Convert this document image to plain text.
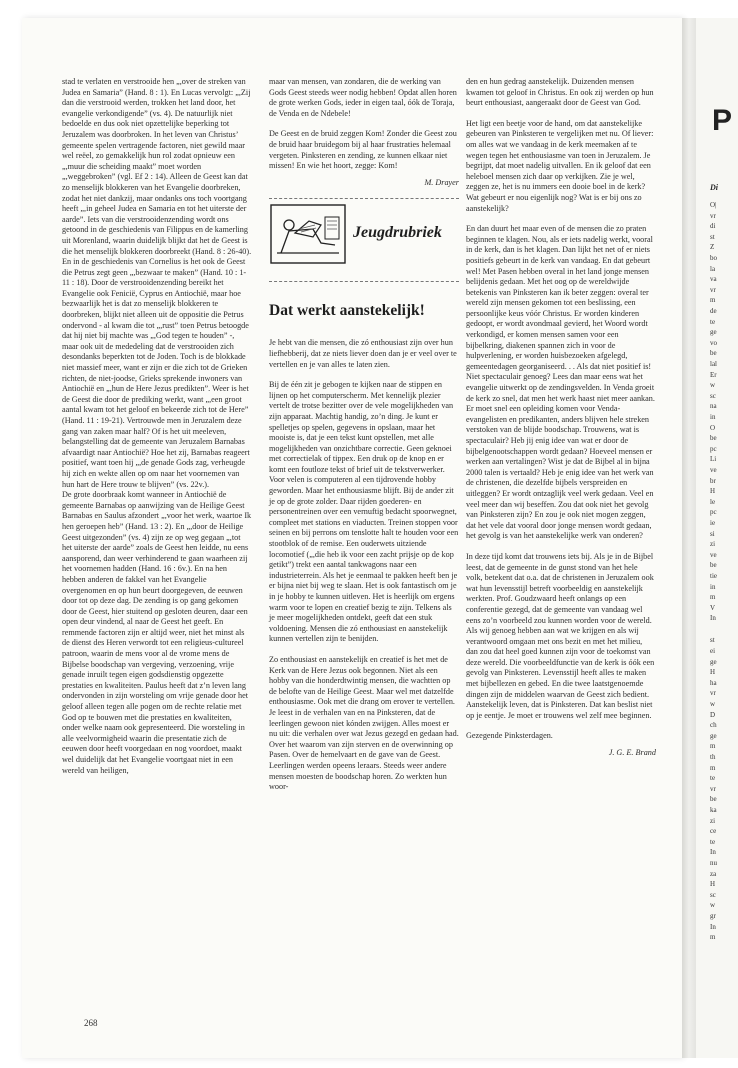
268
P
Di
O|
vr
di
st
Z
bo
la
va
vr
m
de
te
ge
vo
be
lal
Er
w
sc
na
in
O
be
pc
Li
ve
br
H
le
pc
ie
si
zi
ve
be
tie
in
m
V
In
st
ei
ge
H
ha
vr
w
D
ch
ge
m
th
m
te
vr
be
ka
zi
ce
te
In
nu
za
H
sc
w
gr
In
m

stad te verlaten en verstrooide hen „,over de streken van Judea en Samaria” (Hand. 8 : 1). En Lucas vervolgt: „,Zij dan die verstrooid werden, trokken het land door, het evangelie verkondigende” (vs. 4). De natuurlijk niet bedoelde en dus ook niet opzettelijke beperking tot Jeruzalem was doorbroken. In het leven van Christus’ gemeente spelen vertragende factoren, niet gewild maar wel reëel, zo gemakkelijk hun rol zodat opnieuw een „,muur die scheiding maakt” moet worden „,weggebroken” (vgl. Ef 2 : 14). Alleen de Geest kan dat zo menselijk blokkeren van het Evangelie doorbreken, zodat het niet dankzij, maar ondanks ons toch voortgang heeft „,in geheel Judea en Samaria en tot het uiterste der aarde”. Iets van die verstrooidenzending wordt ons getoond in de geschiedenis van Filippus en de kamerling uit Morenland, waarin duidelijk blijkt dat het de Geest is die het menselijk blokkeren doorbreekt (Hand. 8 : 26-40). En in de geschiedenis van Cornelius is het ook de Geest die Petrus zegt geen „,bezwaar te maken” (Hand. 10 : 1-11 : 18). Door de verstrooidenzending bereikt het Evangelie ook Fenicië, Cyprus en Antiochië, maar hoe bezwaarlijk het is dat zo menselijk blokkeren te doorbreken, blijkt niet alleen uit de oppositie die Petrus ondervond - al kwam die tot „,rust” toen Petrus betoogde dat hij niet bij machte was „,God tegen te houden” -, maar ook uit de mededeling dat de verstrooiden zich desondanks beperkten tot de Joden. Toch is de blokkade niet massief meer, want er zijn er die zich tot de Grieken richten, de niet-joodse, Grieks sprekende inwoners van Antiochië en „,hun de Here Jezus predikten”. Weer is het de Geest die door de prediking werkt, want „,een groot aantal kwam tot het geloof en bekeerde zich tot de Here” (Hand. 11 : 19-21). Vertrouwde men in Jeruzalem deze gang van zaken maar half? Of is het uit meeleven, belangstelling dat de gemeente van Jeruzalem Barnabas afvaardigt naar Antiochië? Hoe het zij, Barnabas reageert positief, want toen hij „,de genade Gods zag, verheugde hij zich en wekte allen op om naar het voornemen van hun hart de Here trouw te blijven” (vs. 22v.).

De grote doorbraak komt wanneer in Antiochië de gemeente Barnabas op aanwijzing van de Heilige Geest Barnabas en Saulus afzondert „,voor het werk, waartoe Ik hen geroepen heb” (Hand. 13 : 2). En „,door de Heilige Geest uitgezonden” (vs. 4) zijn ze op weg gegaan „,tot het uiterste der aarde” zoals de Geest hen leidde, nu eens aansporend, dan weer verhinderend te gaan waarheen zij het voornemen hadden (Hand. 16 : 6v.). En na hen hebben anderen de fakkel van het Evangelie overgenomen en op hun beurt doorgegeven, de eeuwen door tot op deze dag. De zending is op gang gekomen door de Geest, hier stuitend op gesloten deuren, daar een open deur vindend, al naar de Geest het geeft. En remmende factoren zijn er altijd weer, niet het minst als de dienst des Heren verwordt tot een religieus-cultureel patroon, waarin de mens voor al de vrome mens de Bijbelse boodschap van vergeving, verzoening, vrije genade inruilt tegen eigen godsdienstig opgezette prestaties en kwaliteiten. Paulus heeft dat z’n leven lang ondervonden in zijn worsteling om vrije genade door het geloof alleen tegen alle pogen om de rechte relatie met God op te bouwen met die prestaties en kwaliteiten, onder welke naam ook gepresenteerd. Die worsteling in alle veelvormigheid waarin die presentatie zich de eeuwen door heeft voorgedaan en nog voordoet, maakt wel duidelijk dat het Evangelie voortgaat niet in een wereld van heiligen,

maar van mensen, van zondaren, die de werking van Gods Geest steeds weer nodig hebben! Opdat allen horen de grote werken Gods, ieder in eigen taal, óók de Toraja, de Venda en de Ndebele!

De Geest en de bruid zeggen Kom! Zonder die Geest zou de bruid haar bruidegom bij al haar frustraties helemaal vergeten. Pinksteren en zending, ze kunnen elkaar niet missen! En wie het hoort, zegge: Kom!

M. Drayer
Jeugdrubriek
Dat werkt aanstekelijk!

Je hebt van die mensen, die zó enthousiast zijn over hun liefhebberij, dat ze niets liever doen dan je er veel over te vertellen en je van alles te laten zien.

Bij de één zit je gebogen te kijken naar de stippen en lijnen op het computerscherm. Met kennelijk plezier vertelt de trotse bezitter over de vele mogelijkheden van zijn apparaat. Machtig handig, zo’n ding. Je kunt er spelletjes op spelen, gegevens in opslaan, maar het mooiste is, dat je een tekst kunt opstellen, met alle mogelijkheden van onzichtbare correctie. Geen geknoei met correctielak of tippex. Een druk op de knop en er komt een foutloze tekst of brief uit de tekstverwerker. Voor velen is computeren al een tijdrovende hobby geworden. Maar het enthousiasme blijft. Bij de ander zit je op de grote zolder. Daar rijden goederen- en personentreinen over een vernuftig bedacht spoorwegnet, compleet met stations en viaducten. Treinen stoppen voor seinen en bij perrons om tenslotte halt te houden voor een stootblok of de remise. Een ouderwets uitziende locomotief („,die heb ik voor een zacht prijsje op de kop getikt”) trekt een aantal tankwagons naar een industrieterrein. Als het je eenmaal te pakken heeft ben je er bijna niet bij weg te slaan. Het is ook fantastisch om je in je hobby te kunnen uitleven. Het is heerlijk om ergens warm voor te lopen en creatief bezig te zijn. Telkens als je meer mogelijkheden ontdekt, geeft dat een stuk voldoening. Mensen die zó enthousiast en aanstekelijk kunnen vertellen zijn te benijden.

Zo enthousiast en aanstekelijk en creatief is het met de Kerk van de Here Jezus ook begonnen. Niet als een hobby van die honderdtwintig mensen, die wachtten op de belofte van de Heilige Geest. Maar wel met datzelfde enthousiasme. Ook met die drang om erover te vertellen. Je leest in de verhalen van en na Pinksteren, dat de leerlingen gewoon niet kónden zwijgen. Alles moest er nu uit: die verhalen over wat Jezus gezegd en gedaan had. Over het waarom van zijn sterven en de overwinning op Pasen. Over de hemelvaart en de gave van de Geest. Leerlingen werden opeens leraars. Steeds weer andere mensen moesten de boodschap horen. Zo werkten hun woor-

den en hun gedrag aanstekelijk. Duizenden mensen kwamen tot geloof in Christus. En ook zij werden op hun beurt enthousiast, aangeraakt door de Geest van God.

Het ligt een beetje voor de hand, om dat aanstekelijke gebeuren van Pinksteren te vergelijken met nu. Of liever: om alles wat we vandaag in de kerk meemaken af te wegen tegen het enthousiasme van toen in Jeruzalem. Je begrijpt, dat moet nadelig uitvallen. En ik geloof dat een heleboel mensen zich daar op verkijken. Zie je wel, zeggen ze, het is nu immers een dooie boel in de kerk? Wat gebeurt er nou eigenlijk nog? Wat is er bij ons zo aanstekelijk?

En dan duurt het maar even of de mensen die zo praten beginnen te klagen. Nou, als er iets nadelig werkt, vooral in de kerk, dan is het klagen. Dan lijkt het net of er niets positiefs gebeurt in de kerk van vandaag. En dat gebeurt wel! Met Pasen hebben overal in het land jonge mensen belijdenis gedaan. Met het oog op de wereldwijde betekenis van Pinksteren kan ik beter zeggen: overal ter wereld zijn mensen gekomen tot een beslissing, een persoonlijke keus vóór Christus. Er worden kinderen gedoopt, er wordt avondmaal gevierd, het Woord wordt verkondigd, er komen mensen samen voor een bijbelkring, diakenen spannen zich in voor de hulpverlening, er worden huisbezoeken afgelegd, gemeentedagen georganiseerd. . . Als dat niet positief is! Niet spectaculair genoeg? Lees dan maar eens wat het evangelie uitwerkt op de zendingsvelden. In Venda groeit de kerk zo snel, dat men het werk haast niet meer aankan. Er moet snel een opleiding komen voor Venda-evangelisten en predikanten, anders blijven hele streken verstoken van de blijde boodschap. Trouwens, wat is spectaculair? Heb jij enig idee van wat er door de bijbelgenootschappen wordt gedaan? Hoeveel mensen er werken aan vertalingen? Wist je dat de Bijbel al in bijna 2000 talen is vertaald? Heb je enig idee van het werk van de christenen, die dezelfde bijbels verspreiden en uitleggen? Er wordt ontzaglijk veel werk gedaan. Veel en veel meer dan wij beseffen. Zou dat ook niet het gevolg van Pinksteren zijn? En zou je ook niet mogen zeggen, dat het vele dat vooral door jonge mensen wordt gedaan, het gevolg is van het aanstekelijke werk van onderen?

In deze tijd komt dat trouwens iets bij. Als je in de Bijbel leest, dat de gemeente in de gunst stond van het hele volk, betekent dat o.a. dat de christenen in Jeruzalem ook wat hun levensstijl betreft voorbeeldig en aanstekelijk werkten. Prof. Goudzwaard heeft onlangs op een conferentie gezegd, dat de gemeente van vandaag wel eens zo’n voorbeeld zou kunnen worden voor de wereld. Als wij genoeg hebben aan wat we krijgen en als wij verantwoord omgaan met ons bezit en met het milieu, dan zou dat heel goed kunnen zijn voor de toekomst van deze wereld. Die voorbeeldfunctie van de kerk is óók een gevolg van Pinksteren. Levensstijl heeft alles te maken met bijbellezen en gebed. En die twee laatstgenoemde dingen zijn de middelen waarvan de Geest zich bedient. Aanstekelijk leven, dat is Pinksteren. Dat kan beslist niet op je eentje. Je moet er trouwens wel zelf mee beginnen.

Gezegende Pinksterdagen.

J. G. E. Brand
